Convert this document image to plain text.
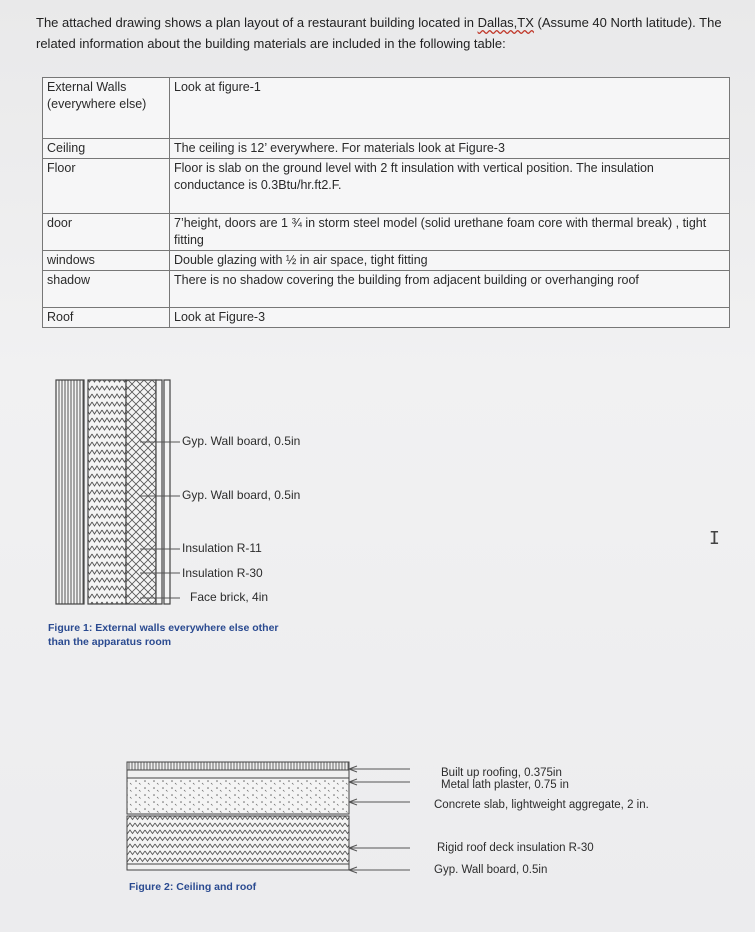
The attached drawing shows a plan layout of a restaurant building located in Dallas,TX (Assume 40 North latitude). The related information about the building materials are included in the following table:
External Walls (everywhere else)	Look at figure-1
Ceiling	The ceiling is 12’ everywhere. For materials look at Figure-3
Floor	Floor is slab on the ground level with 2 ft insulation with vertical position. The insulation conductance is 0.3Btu/hr.ft2.F.
door	7’height, doors are 1 ¾ in storm steel model (solid urethane foam core with thermal break) , tight fitting
windows	Double glazing with ½ in air space, tight fitting
shadow	There is no shadow covering the building from adjacent building or overhanging roof
Roof	Look at Figure-3
Gyp. Wall board, 0.5in
Gyp. Wall board, 0.5in
Insulation R-11
Insulation R-30
Face brick, 4in
Figure 1: External walls everywhere else other than the apparatus room
Built up roofing, 0.375in
Metal lath plaster, 0.75 in
Concrete slab, lightweight aggregate, 2 in.
Rigid roof deck insulation R-30
Gyp. Wall board, 0.5in
Figure 2: Ceiling and roof
I
